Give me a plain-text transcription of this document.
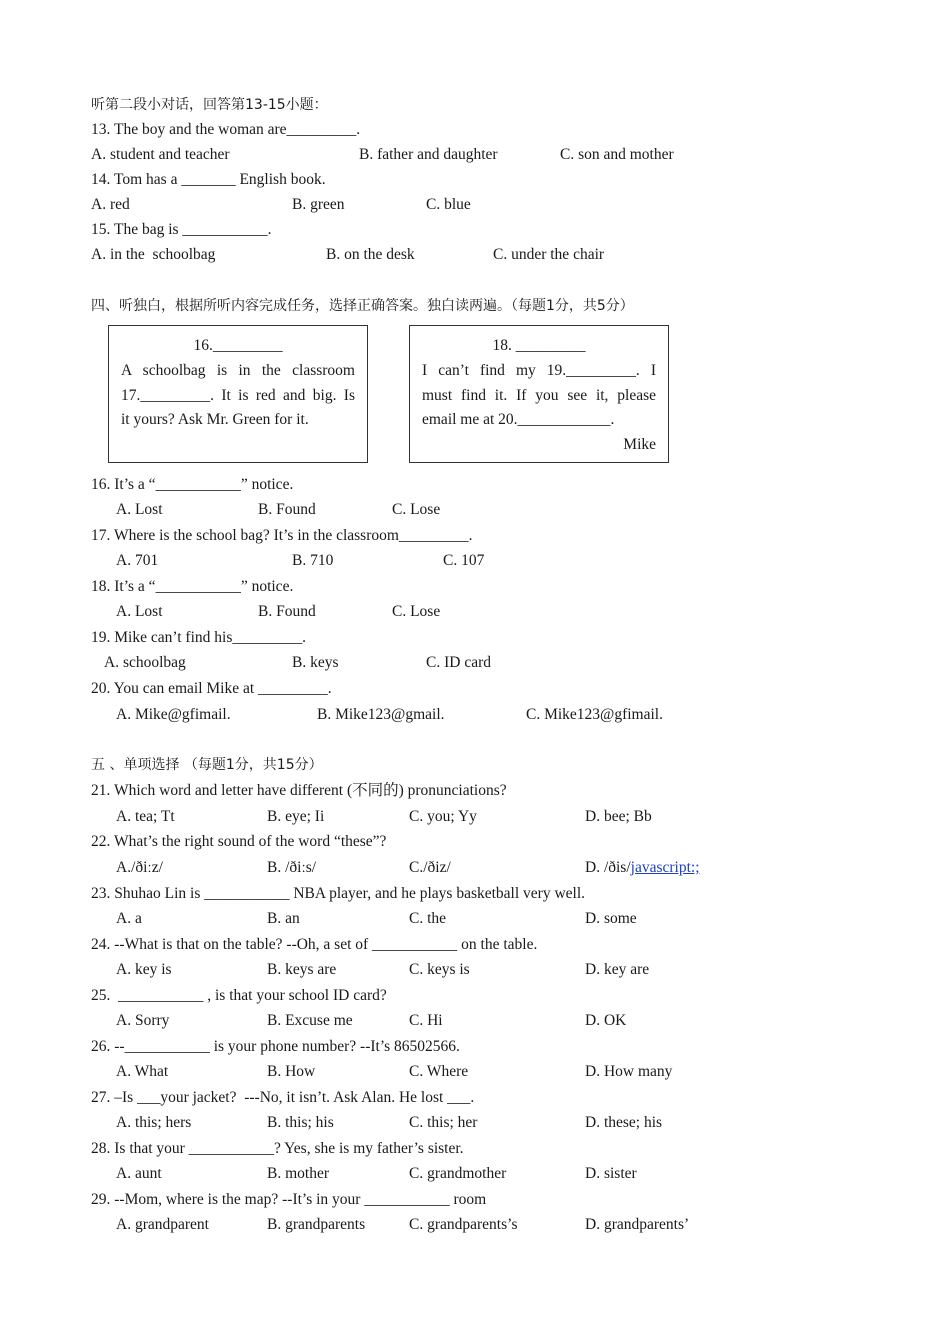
听第二段小对话，回答第13-15小题：
13. The boy and the woman are_________.
A. student and teacher	B. father and daughter	C. son and mother
14. Tom has a _______ English book.
A. red	B. green	C. blue
15. The bag is ___________.
A. in the  schoolbag	B. on the desk	C. under the chair
四、听独白，根据所听内容完成任务，选择正确答案。独白读两遍。（每题1分，共5分）
16._________
A schoolbag is in the classroom
17._________. It is red and big. Is
it yours? Ask Mr. Green for it.
18. _________
I can’t find my 19._________. I
must find it. If you see it, please
email me at 20.____________.
Mike
16. It’s a “___________” notice.
A. Lost	B. Found	C. Lose
17. Where is the school bag? It’s in the classroom_________.
A. 701	B. 710	C. 107
18. It’s a “___________” notice.
A. Lost	B. Found	C. Lose
19. Mike can’t find his_________.
A. schoolbag	B. keys	C. ID card
20. You can email Mike at _________.
A. Mike@gfimail.	B. Mike123@gmail.	C. Mike123@gfimail.
五 、单项选择 （每题1分，共15分）
21. Which word and letter have different (不同的) pronunciations?
A. tea; Tt	B. eye; Ii	C. you; Yy	D. bee; Bb
22. What’s the right sound of the word “these”?
A./ðiːz/	B. /ðiːs/	C./ðiz/	D. /ðis/javascript:;
23. Shuhao Lin is ___________ NBA player, and he plays basketball very well.
A. a	B. an	C. the	D. some
24. --What is that on the table? --Oh, a set of ___________ on the table.
A. key is	B. keys are	C. keys is	D. key are
25.  ___________ , is that your school ID card?
A. Sorry	B. Excuse me	C. Hi	D. OK
26. --___________ is your phone number? --It’s 86502566.
A. What	B. How	C. Where	D. How many
27. –Is ___your jacket?  ---No, it isn’t. Ask Alan. He lost ___.
A. this; hers	B. this; his	C. this; her	D. these; his
28. Is that your ___________? Yes, she is my father’s sister.
A. aunt	B. mother	C. grandmother	D. sister
29. --Mom, where is the map? --It’s in your ___________ room
A. grandparent	B. grandparents	C. grandparents’s	D. grandparents’
